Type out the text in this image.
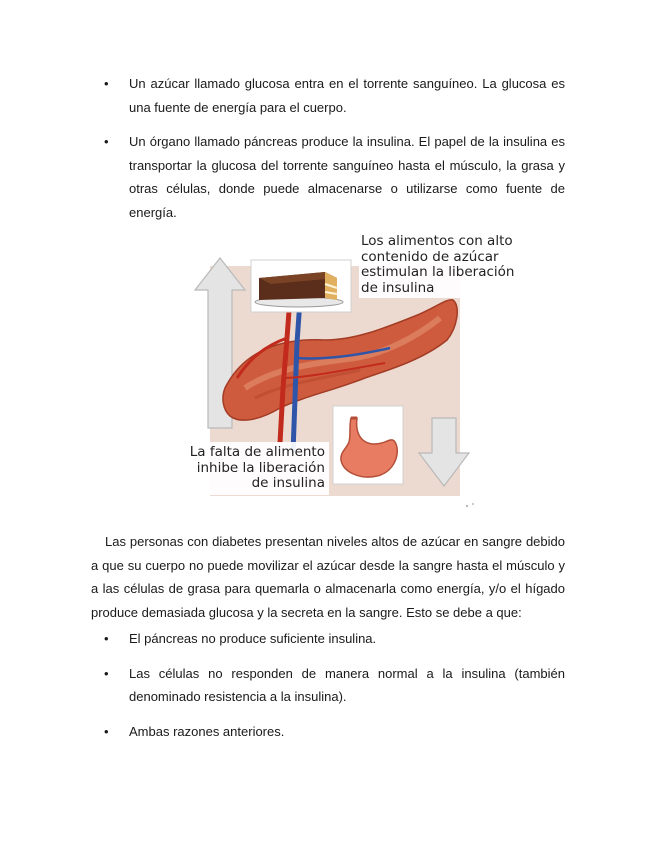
• Un azúcar llamado glucosa entra en el torrente sanguíneo. La glucosa es una fuente de energía para el cuerpo.
• Un órgano llamado páncreas produce la insulina. El papel de la insulina es transportar la glucosa del torrente sanguíneo hasta el músculo, la grasa y otras células, donde puede almacenarse o utilizarse como fuente de energía.
Los alimentos con alto contenido de azúcar estimulan la liberación de insulina
La falta de alimento inhibe la liberación de insulina

Las personas con diabetes presentan niveles altos de azúcar en sangre debido a que su cuerpo no puede movilizar el azúcar desde la sangre hasta el músculo y a las células de grasa para quemarla o almacenarla como energía, y/o el hígado produce demasiada glucosa y la secreta en la sangre. Esto se debe a que:

• El páncreas no produce suficiente insulina.
• Las células no responden de manera normal a la insulina (también denominado resistencia a la insulina).
• Ambas razones anteriores.
